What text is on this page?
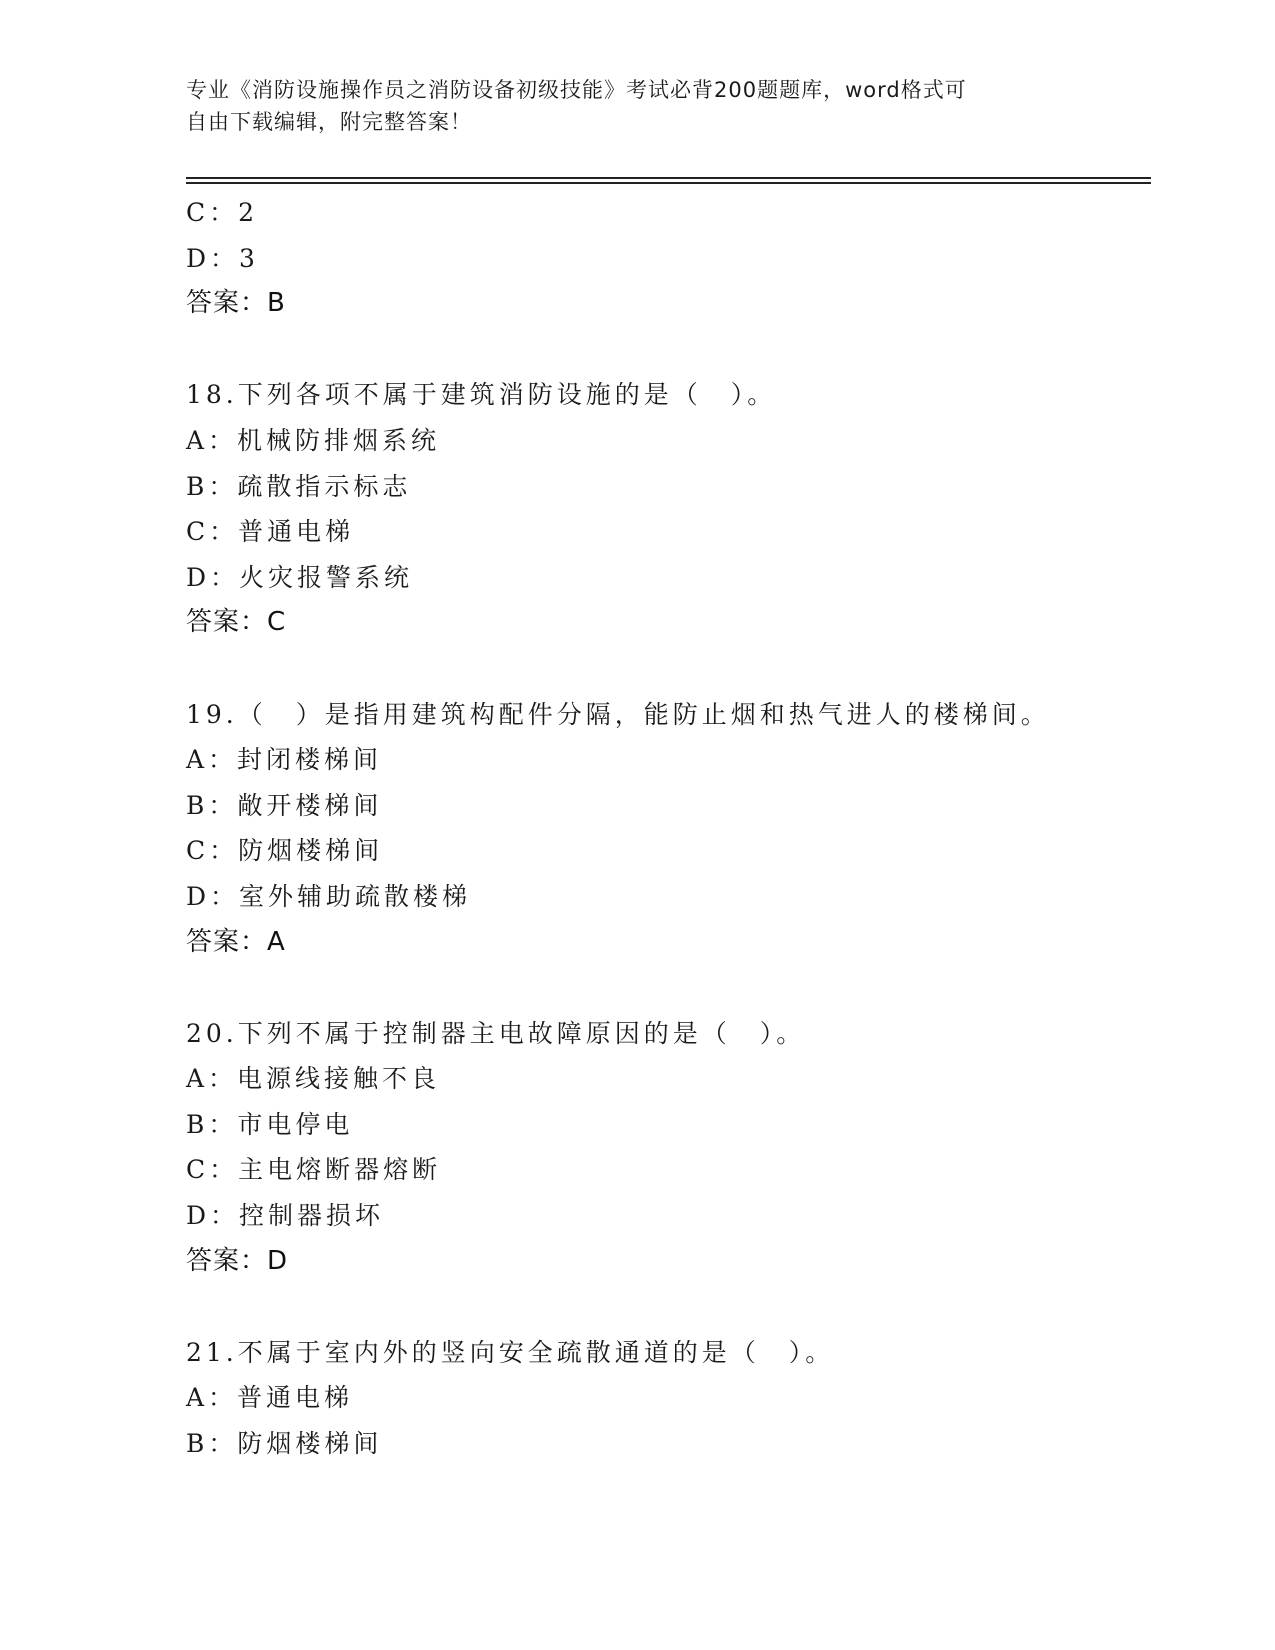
专业《消防设施操作员之消防设备初级技能》考试必背200题题库，word格式可
自由下载编辑，附完整答案！
C：2
D：3
答案：B
18.下列各项不属于建筑消防设施的是（　）。
A：机械防排烟系统
B：疏散指示标志
C：普通电梯
D：火灾报警系统
答案：C
19.（　）是指用建筑构配件分隔，能防止烟和热气进人的楼梯间。
A：封闭楼梯间
B：敞开楼梯间
C：防烟楼梯间
D：室外辅助疏散楼梯
答案：A
20.下列不属于控制器主电故障原因的是（　）。
A：电源线接触不良
B：市电停电
C：主电熔断器熔断
D：控制器损坏
答案：D
21.不属于室内外的竖向安全疏散通道的是（　）。
A：普通电梯
B：防烟楼梯间
